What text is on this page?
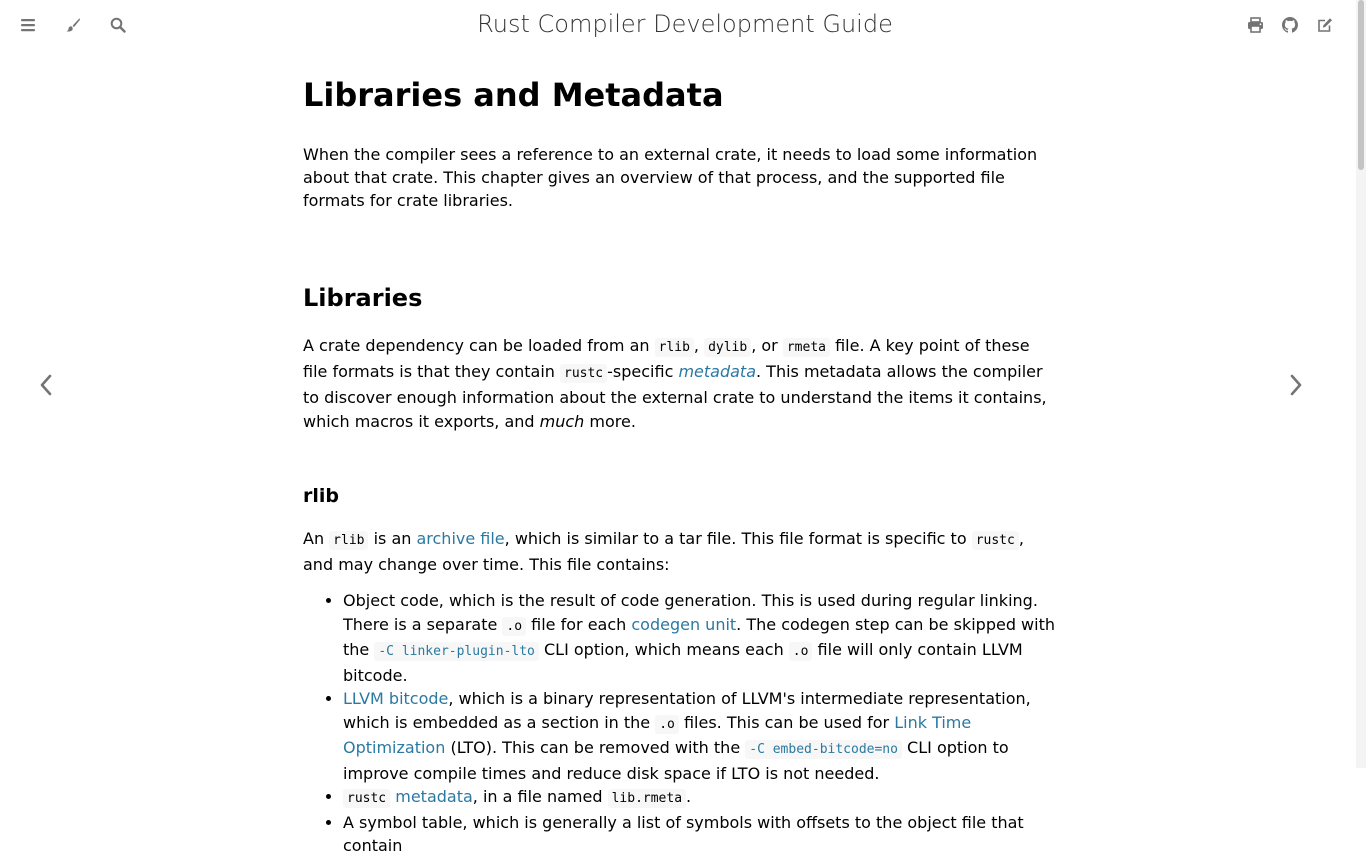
Rust Compiler Development Guide
Libraries and Metadata

When the compiler sees a reference to an external crate, it needs to load some information about that crate. This chapter gives an overview of that process, and the supported file formats for crate libraries.

Libraries

A crate dependency can be loaded from an rlib , dylib , or rmeta file. A key point of these file formats is that they contain rustc -specific metadata. This metadata allows the compiler to discover enough information about the external crate to understand the items it contains, which macros it exports, and much more.

rlib

An rlib is an archive file, which is similar to a tar file. This file format is specific to rustc , and may change over time. This file contains:

• Object code, which is the result of code generation. This is used during regular linking. There is a separate .o file for each codegen unit. The codegen step can be skipped with the -C linker-plugin-lto CLI option, which means each .o file will only contain LLVM bitcode.
• LLVM bitcode, which is a binary representation of LLVM's intermediate representation, which is embedded as a section in the .o files. This can be used for Link Time Optimization (LTO). This can be removed with the -C embed-bitcode=no CLI option to improve compile times and reduce disk space if LTO is not needed.
• rustc metadata, in a file named lib.rmeta .
• A symbol table, which is generally a list of symbols with offsets to the object file that contain
